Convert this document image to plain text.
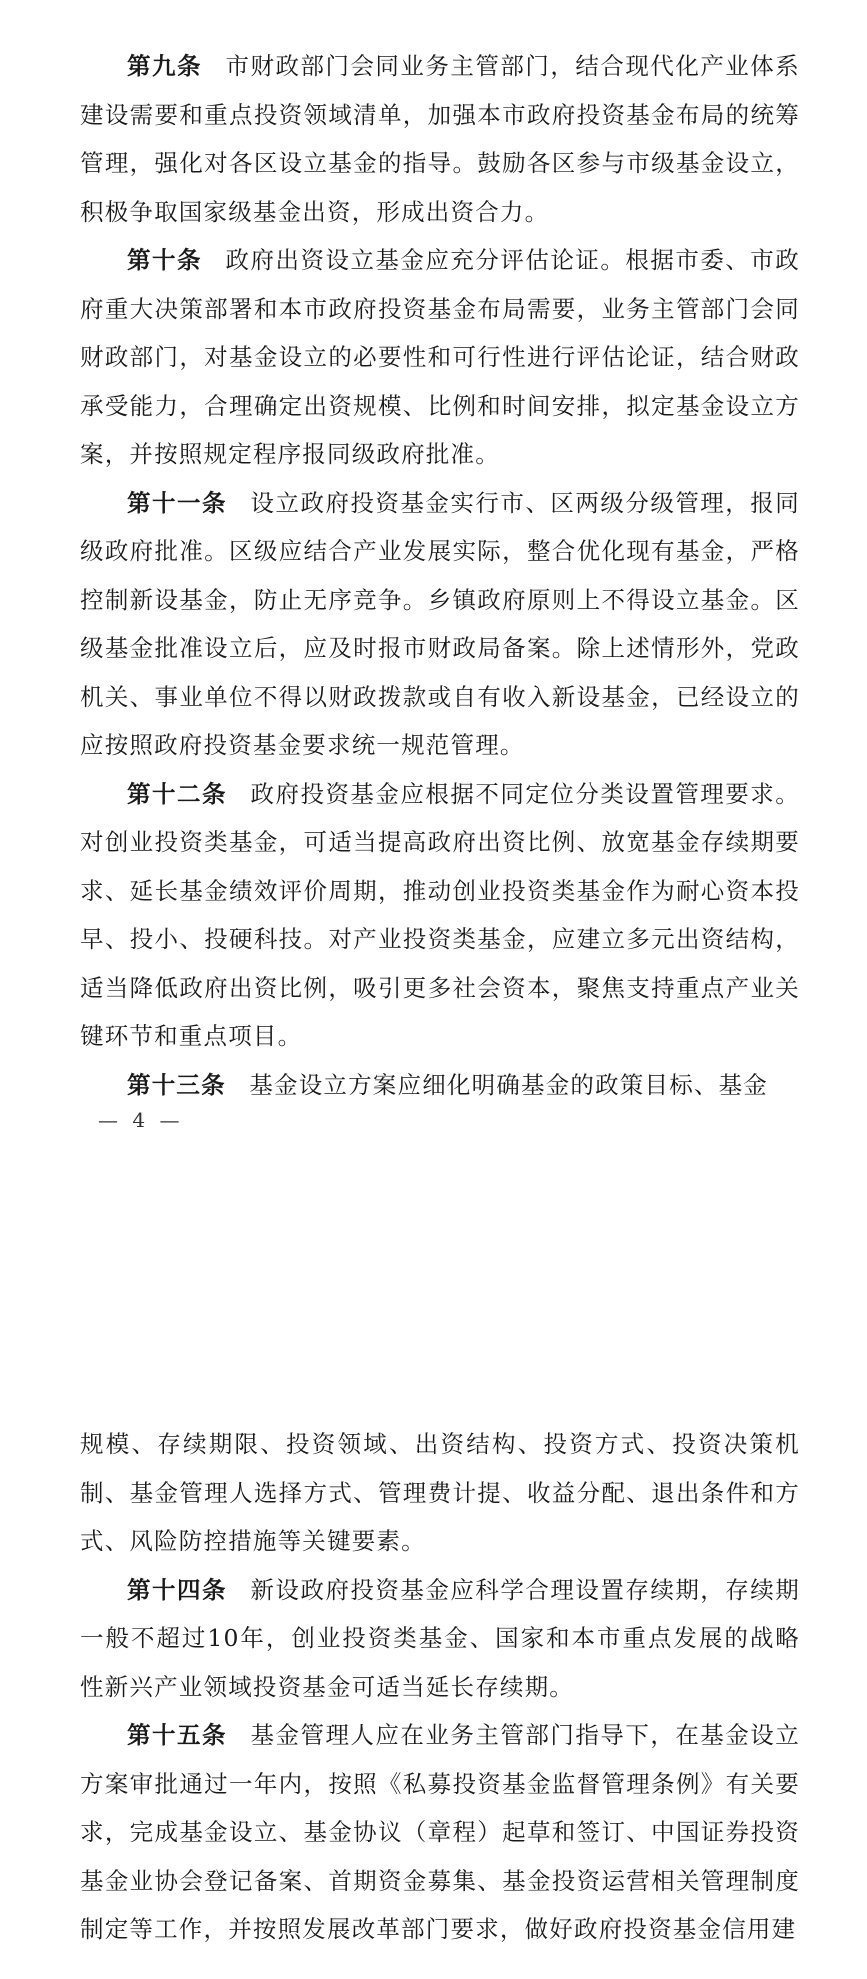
第九条 市财政部门会同业务主管部门，结合现代化产业体系建设需要和重点投资领域清单，加强本市政府投资基金布局的统筹管理，强化对各区设立基金的指导。鼓励各区参与市级基金设立，积极争取国家级基金出资，形成出资合力。

第十条 政府出资设立基金应充分评估论证。根据市委、市政府重大决策部署和本市政府投资基金布局需要，业务主管部门会同财政部门，对基金设立的必要性和可行性进行评估论证，结合财政承受能力，合理确定出资规模、比例和时间安排，拟定基金设立方案，并按照规定程序报同级政府批准。

第十一条 设立政府投资基金实行市、区两级分级管理，报同级政府批准。区级应结合产业发展实际，整合优化现有基金，严格控制新设基金，防止无序竞争。乡镇政府原则上不得设立基金。区级基金批准设立后，应及时报市财政局备案。除上述情形外，党政机关、事业单位不得以财政拨款或自有收入新设基金，已经设立的应按照政府投资基金要求统一规范管理。

第十二条 政府投资基金应根据不同定位分类设置管理要求。对创业投资类基金，可适当提高政府出资比例、放宽基金存续期要求、延长基金绩效评价周期，推动创业投资类基金作为耐心资本投早、投小、投硬科技。对产业投资类基金，应建立多元出资结构，适当降低政府出资比例，吸引更多社会资本，聚焦支持重点产业关键环节和重点项目。

第十三条 基金设立方案应细化明确基金的政策目标、基金

— 4 —

规模、存续期限、投资领域、出资结构、投资方式、投资决策机制、基金管理人选择方式、管理费计提、收益分配、退出条件和方式、风险防控措施等关键要素。

第十四条 新设政府投资基金应科学合理设置存续期，存续期一般不超过10年，创业投资类基金、国家和本市重点发展的战略性新兴产业领域投资基金可适当延长存续期。

第十五条 基金管理人应在业务主管部门指导下，在基金设立方案审批通过一年内，按照《私募投资基金监督管理条例》有关要求，完成基金设立、基金协议（章程）起草和签订、中国证券投资基金业协会登记备案、首期资金募集、基金投资运营相关管理制度制定等工作，并按照发展改革部门要求，做好政府投资基金信用建
